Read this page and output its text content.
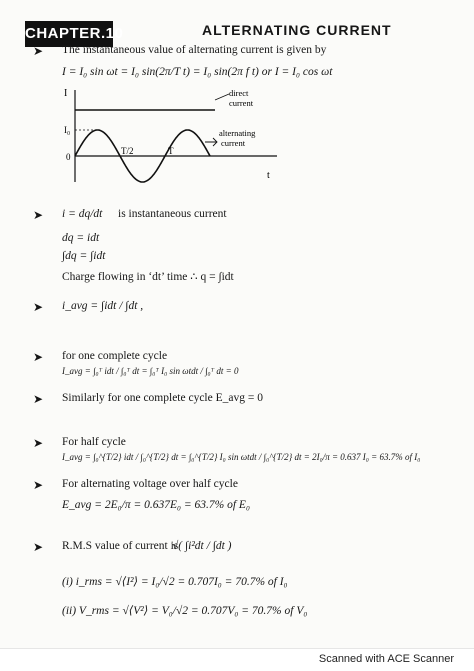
CHAPTER.10	ALTERNATING CURRENT
➤ The instantaneous value of alternating current is given by
I = I₀ sin ωt = I₀ sin(2π/T t) = I₀ sin(2π f t) or I = I₀ cos ωt
I
I₀
0
T/2	T
t
direct
current
alternating
current
➤ i = dq/dt is instantaneous current
dq = idt
∫dq = ∫idt
Charge flowing in ‘dt’ time ∴ q = ∫idt
➤ i_avg = ∫idt / ∫dt ,
➤ for one complete cycle
I_avg = ∫₀ᵀ idt / ∫₀ᵀ dt = ∫₀ᵀ I₀ sin ωtdt / ∫₀ᵀ dt = 0
➤ Similarly for one complete cycle E_avg = 0
➤ For half cycle
I_avg = ∫₀^{T/2} idt / ∫₀^{T/2} dt = ∫₀^{T/2} I₀ sin ωtdt / ∫₀^{T/2} dt = 2I₀/π = 0.637 I₀ = 63.7% of I₀
➤ For alternating voltage over half cycle
E_avg = 2E₀/π = 0.637E₀ = 63.7% of E₀
➤ R.M.S value of current is
√( ∫i²dt / ∫dt )
(i) i_rms = √⟨I²⟩ = I₀/√2 = 0.707I₀ = 70.7% of I₀
(ii) V_rms = √⟨V²⟩ = V₀/√2 = 0.707V₀ = 70.7% of V₀
Scanned with ACE Scanner
